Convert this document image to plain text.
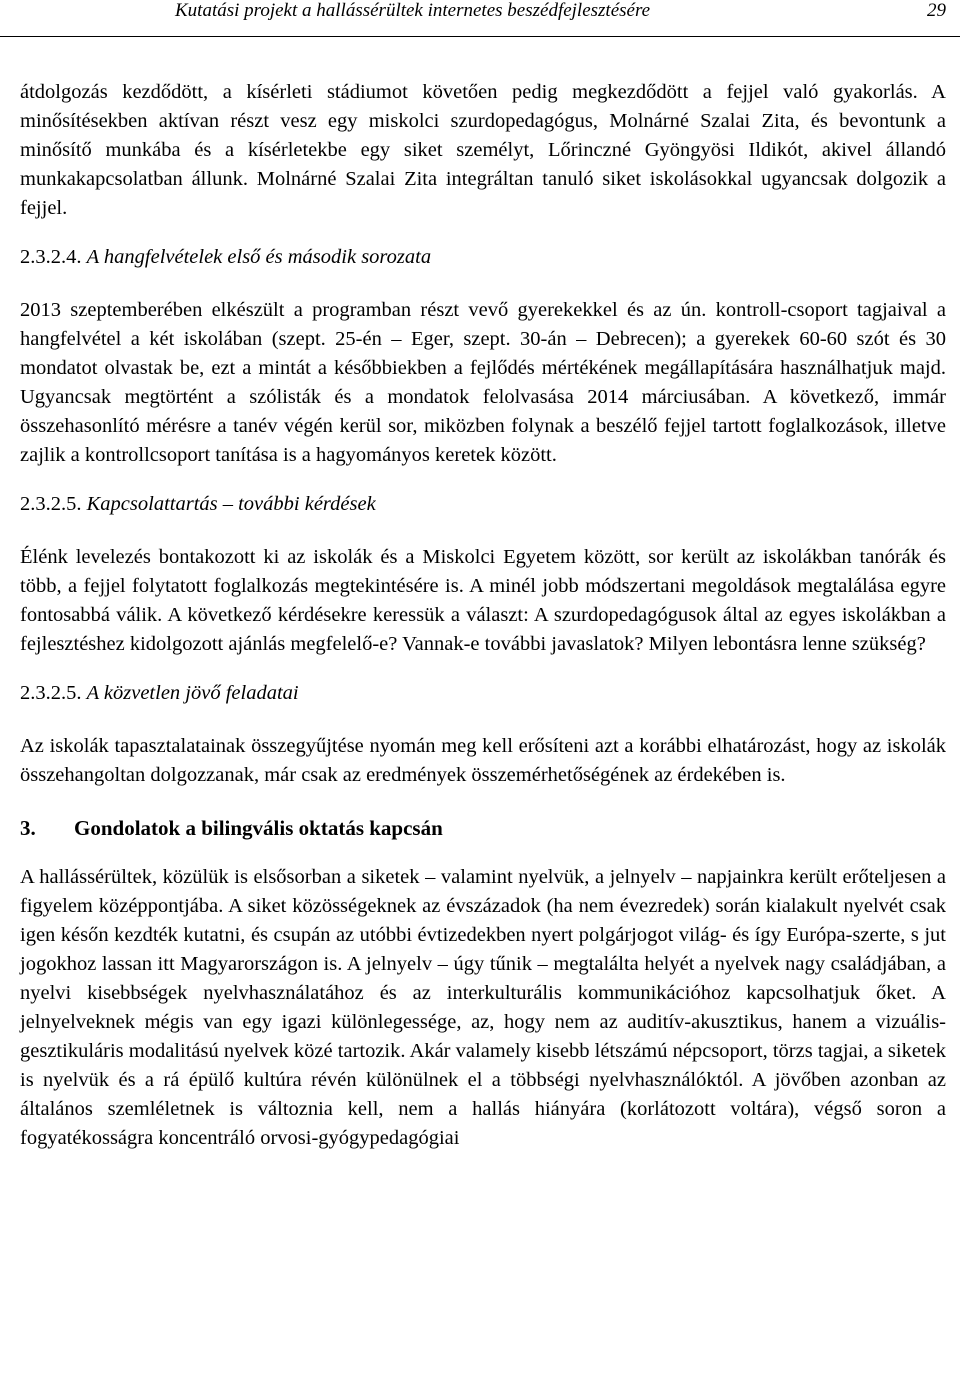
Kutatási projekt a hallássérültek internetes beszédfejlesztésére	29

átdolgozás kezdődött, a kísérleti stádiumot követően pedig megkezdődött a fejjel való gyakorlás. A minősítésekben aktívan részt vesz egy miskolci szurdopedagógus, Molnárné Szalai Zita, és bevontunk a minősítő munkába és a kísérletekbe egy siket személyt, Lőrinczné Gyöngyösi Ildikót, akivel állandó munkakapcsolatban állunk. Molnárné Szalai Zita integráltan tanuló siket iskolásokkal ugyancsak dolgozik a fejjel.

2.3.2.4. A hangfelvételek első és második sorozata

2013 szeptemberében elkészült a programban részt vevő gyerekekkel és az ún. kontroll-csoport tagjaival a hangfelvétel a két iskolában (szept. 25-én – Eger, szept. 30-án – Debrecen); a gyerekek 60-60 szót és 30 mondatot olvastak be, ezt a mintát a későbbiekben a fejlődés mértékének megállapítására használhatjuk majd. Ugyancsak megtörtént a szólisták és a mondatok felolvasása 2014 márciusában. A következő, immár összehasonlító mérésre a tanév végén kerül sor, miközben folynak a beszélő fejjel tartott foglalkozások, illetve zajlik a kontrollcsoport tanítása is a hagyományos keretek között.

2.3.2.5. Kapcsolattartás – további kérdések

Élénk levelezés bontakozott ki az iskolák és a Miskolci Egyetem között, sor került az iskolákban tanórák és több, a fejjel folytatott foglalkozás megtekintésére is. A minél jobb módszertani megoldások megtalálása egyre fontosabbá válik. A következő kérdésekre keressük a választ: A szurdopedagógusok által az egyes iskolákban a fejlesztéshez kidolgozott ajánlás megfelelő-e? Vannak-e további javaslatok? Milyen lebontásra lenne szükség?

2.3.2.5. A közvetlen jövő feladatai

Az iskolák tapasztalatainak összegyűjtése nyomán meg kell erősíteni azt a korábbi elhatározást, hogy az iskolák összehangoltan dolgozzanak, már csak az eredmények összemérhetőségének az érdekében is.

3. Gondolatok a bilingvális oktatás kapcsán

A hallássérültek, közülük is elsősorban a siketek – valamint nyelvük, a jelnyelv – napjainkra került erőteljesen a figyelem középpontjába. A siket közösségeknek az évszázadok (ha nem évezredek) során kialakult nyelvét csak igen későn kezdték kutatni, és csupán az utóbbi évtizedekben nyert polgárjogot világ- és így Európa-szerte, s jut jogokhoz lassan itt Magyarországon is. A jelnyelv – úgy tűnik – megtalálta helyét a nyelvek nagy családjában, a nyelvi kisebbségek nyelvhasználatához és az interkulturális kommunikációhoz kapcsolhatjuk őket. A jelnyelveknek mégis van egy igazi különlegessége, az, hogy nem az auditív-akusztikus, hanem a vizuális-gesztikuláris modalitású nyelvek közé tartozik. Akár valamely kisebb létszámú népcsoport, törzs tagjai, a siketek is nyelvük és a rá épülő kultúra révén különülnek el a többségi nyelvhasználóktól. A jövőben azonban az általános szemléletnek is változnia kell, nem a hallás hiányára (korlátozott voltára), végső soron a fogyatékosságra koncentráló orvosi-gyógypedagógiai
